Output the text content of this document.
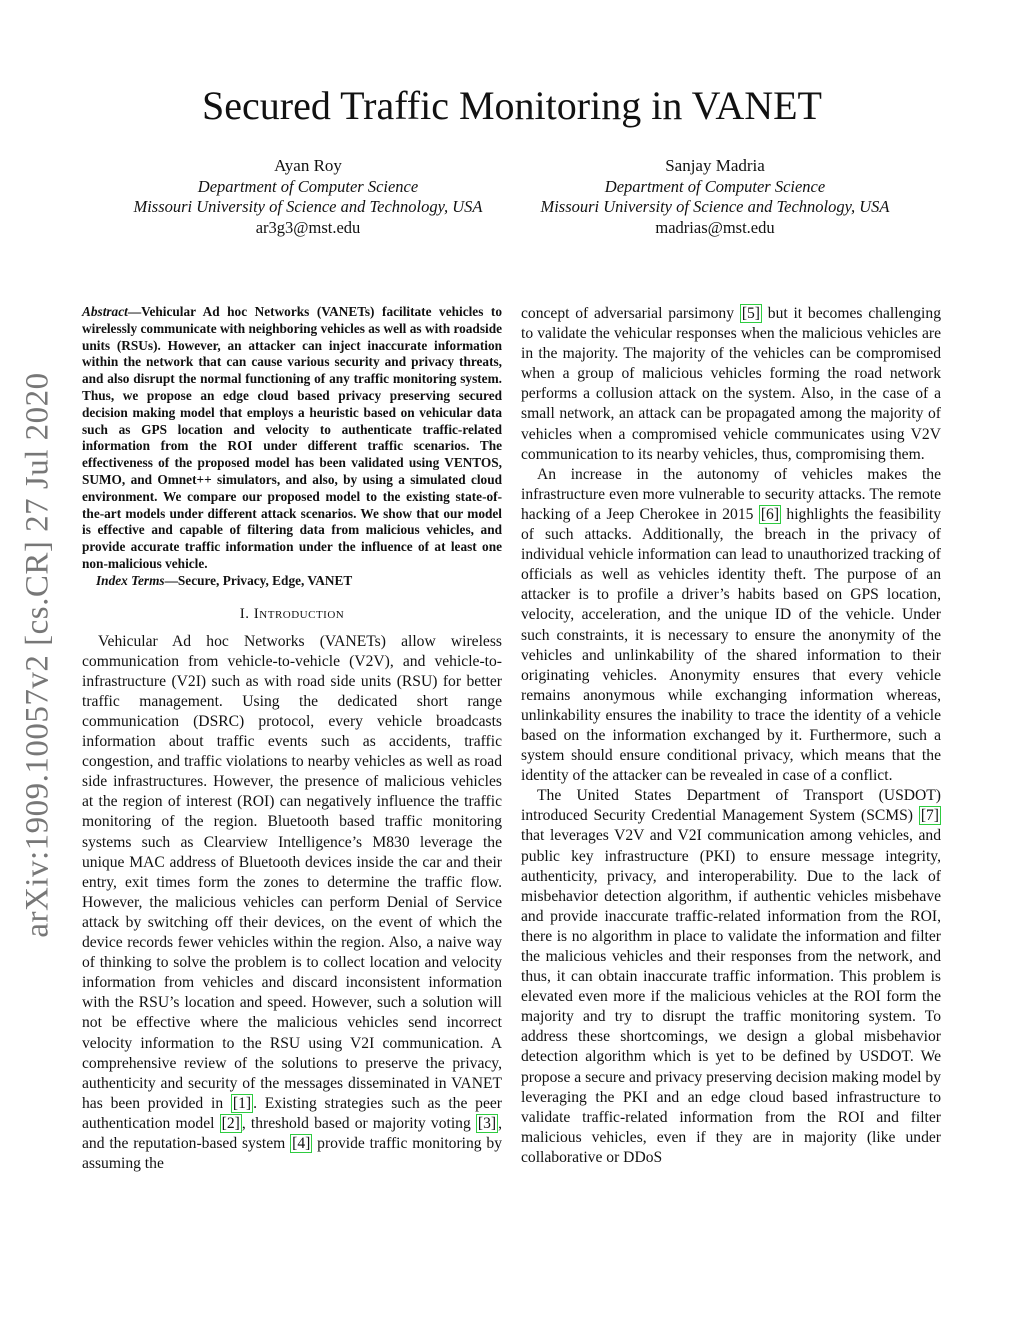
arXiv:1909.10057v2 [cs.CR] 27 Jul 2020
Secured Traffic Monitoring in VANET
Ayan Roy
Department of Computer Science
Missouri University of Science and Technology, USA
ar3g3@mst.edu
Sanjay Madria
Department of Computer Science
Missouri University of Science and Technology, USA
madrias@mst.edu

Abstract—Vehicular Ad hoc Networks (VANETs) facilitate vehicles to wirelessly communicate with neighboring vehicles as well as with roadside units (RSUs). However, an attacker can inject inaccurate information within the network that can cause various security and privacy threats, and also disrupt the normal functioning of any traffic monitoring system. Thus, we propose an edge cloud based privacy preserving secured decision making model that employs a heuristic based on vehicular data such as GPS location and velocity to authenticate traffic-related information from the ROI under different traffic scenarios. The effectiveness of the proposed model has been validated using VENTOS, SUMO, and Omnet++ simulators, and also, by using a simulated cloud environment. We compare our proposed model to the existing state-of-the-art models under different attack scenarios. We show that our model is effective and capable of filtering data from malicious vehicles, and provide accurate traffic information under the influence of at least one non-malicious vehicle.

Index Terms—Secure, Privacy, Edge, VANET

I. Introduction

Vehicular Ad hoc Networks (VANETs) allow wireless communication from vehicle-to-vehicle (V2V), and vehicle-to-infrastructure (V2I) such as with road side units (RSU) for better traffic management. Using the dedicated short range communication (DSRC) protocol, every vehicle broadcasts information about traffic events such as accidents, traffic congestion, and traffic violations to nearby vehicles as well as road side infrastructures. However, the presence of malicious vehicles at the region of interest (ROI) can negatively influence the traffic monitoring of the region. Bluetooth based traffic monitoring systems such as Clearview Intelligence’s M830 leverage the unique MAC address of Bluetooth devices inside the car and their entry, exit times form the zones to determine the traffic flow. However, the malicious vehicles can perform Denial of Service attack by switching off their devices, on the event of which the device records fewer vehicles within the region. Also, a naive way of thinking to solve the problem is to collect location and velocity information from vehicles and discard inconsistent information with the RSU’s location and speed. However, such a solution will not be effective where the malicious vehicles send incorrect velocity information to the RSU using V2I communication. A comprehensive review of the solutions to preserve the privacy, authenticity and security of the messages disseminated in VANET has been provided in [1] . Existing strategies such as the peer authentication model [2] , threshold based or majority voting [3] , and the reputation-based system [4] provide traffic monitoring by assuming the

concept of adversarial parsimony [5] but it becomes challenging to validate the vehicular responses when the malicious vehicles are in the majority. The majority of the vehicles can be compromised when a group of malicious vehicles forming the road network performs a collusion attack on the system. Also, in the case of a small network, an attack can be propagated among the majority of vehicles when a compromised vehicle communicates using V2V communication to its nearby vehicles, thus, compromising them.

An increase in the autonomy of vehicles makes the infrastructure even more vulnerable to security attacks. The remote hacking of a Jeep Cherokee in 2015 [6] highlights the feasibility of such attacks. Additionally, the breach in the privacy of individual vehicle information can lead to unauthorized tracking of officials as well as vehicles identity theft. The purpose of an attacker is to profile a driver’s habits based on GPS location, velocity, acceleration, and the unique ID of the vehicle. Under such constraints, it is necessary to ensure the anonymity of the vehicles and unlinkability of the shared information to their originating vehicles. Anonymity ensures that every vehicle remains anonymous while exchanging information whereas, unlinkability ensures the inability to trace the identity of a vehicle based on the information exchanged by it. Furthermore, such a system should ensure conditional privacy, which means that the identity of the attacker can be revealed in case of a conflict.

The United States Department of Transport (USDOT) introduced Security Credential Management System (SCMS) [7] that leverages V2V and V2I communication among vehicles, and public key infrastructure (PKI) to ensure message integrity, authenticity, privacy, and interoperability. Due to the lack of misbehavior detection algorithm, if authentic vehicles misbehave and provide inaccurate traffic-related information from the ROI, there is no algorithm in place to validate the information and filter the malicious vehicles and their responses from the network, and thus, it can obtain inaccurate traffic information. This problem is elevated even more if the malicious vehicles at the ROI form the majority and try to disrupt the traffic monitoring system. To address these shortcomings, we design a global misbehavior detection algorithm which is yet to be defined by USDOT. We propose a secure and privacy preserving decision making model by leveraging the PKI and an edge cloud based infrastructure to validate traffic-related information from the ROI and filter malicious vehicles, even if they are in majority (like under collaborative or DDoS
